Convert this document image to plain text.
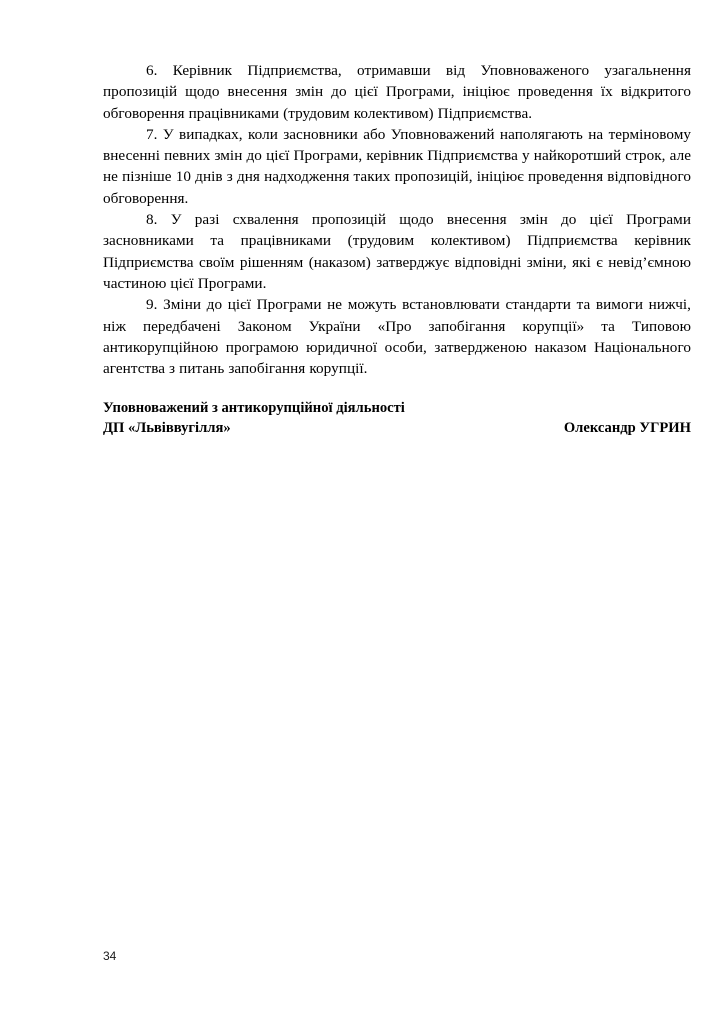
6. Керівник Підприємства, отримавши від Уповноваженого узагальнення пропозицій щодо внесення змін до цієї Програми, ініціює проведення їх відкритого обговорення працівниками (трудовим колективом) Підприємства.

7. У випадках, коли засновники або Уповноважений наполягають на терміновому внесенні певних змін до цієї Програми, керівник Підприємства у найкоротший строк, але не пізніше 10 днів з дня надходження таких пропозицій, ініціює проведення відповідного обговорення.

8. У разі схвалення пропозицій щодо внесення змін до цієї Програми засновниками та працівниками (трудовим колективом) Підприємства керівник Підприємства своїм рішенням (наказом) затверджує відповідні зміни, які є невід’ємною частиною цієї Програми.

9. Зміни до цієї Програми не можуть встановлювати стандарти та вимоги нижчі, ніж передбачені Законом України «Про запобігання корупції» та Типовою антикорупційною програмою юридичної особи, затвердженою наказом Національного агентства з питань запобігання корупції.

Уповноважений з антикорупційної діяльності
ДП «Львіввугілля»	Олександр УГРИН
34
